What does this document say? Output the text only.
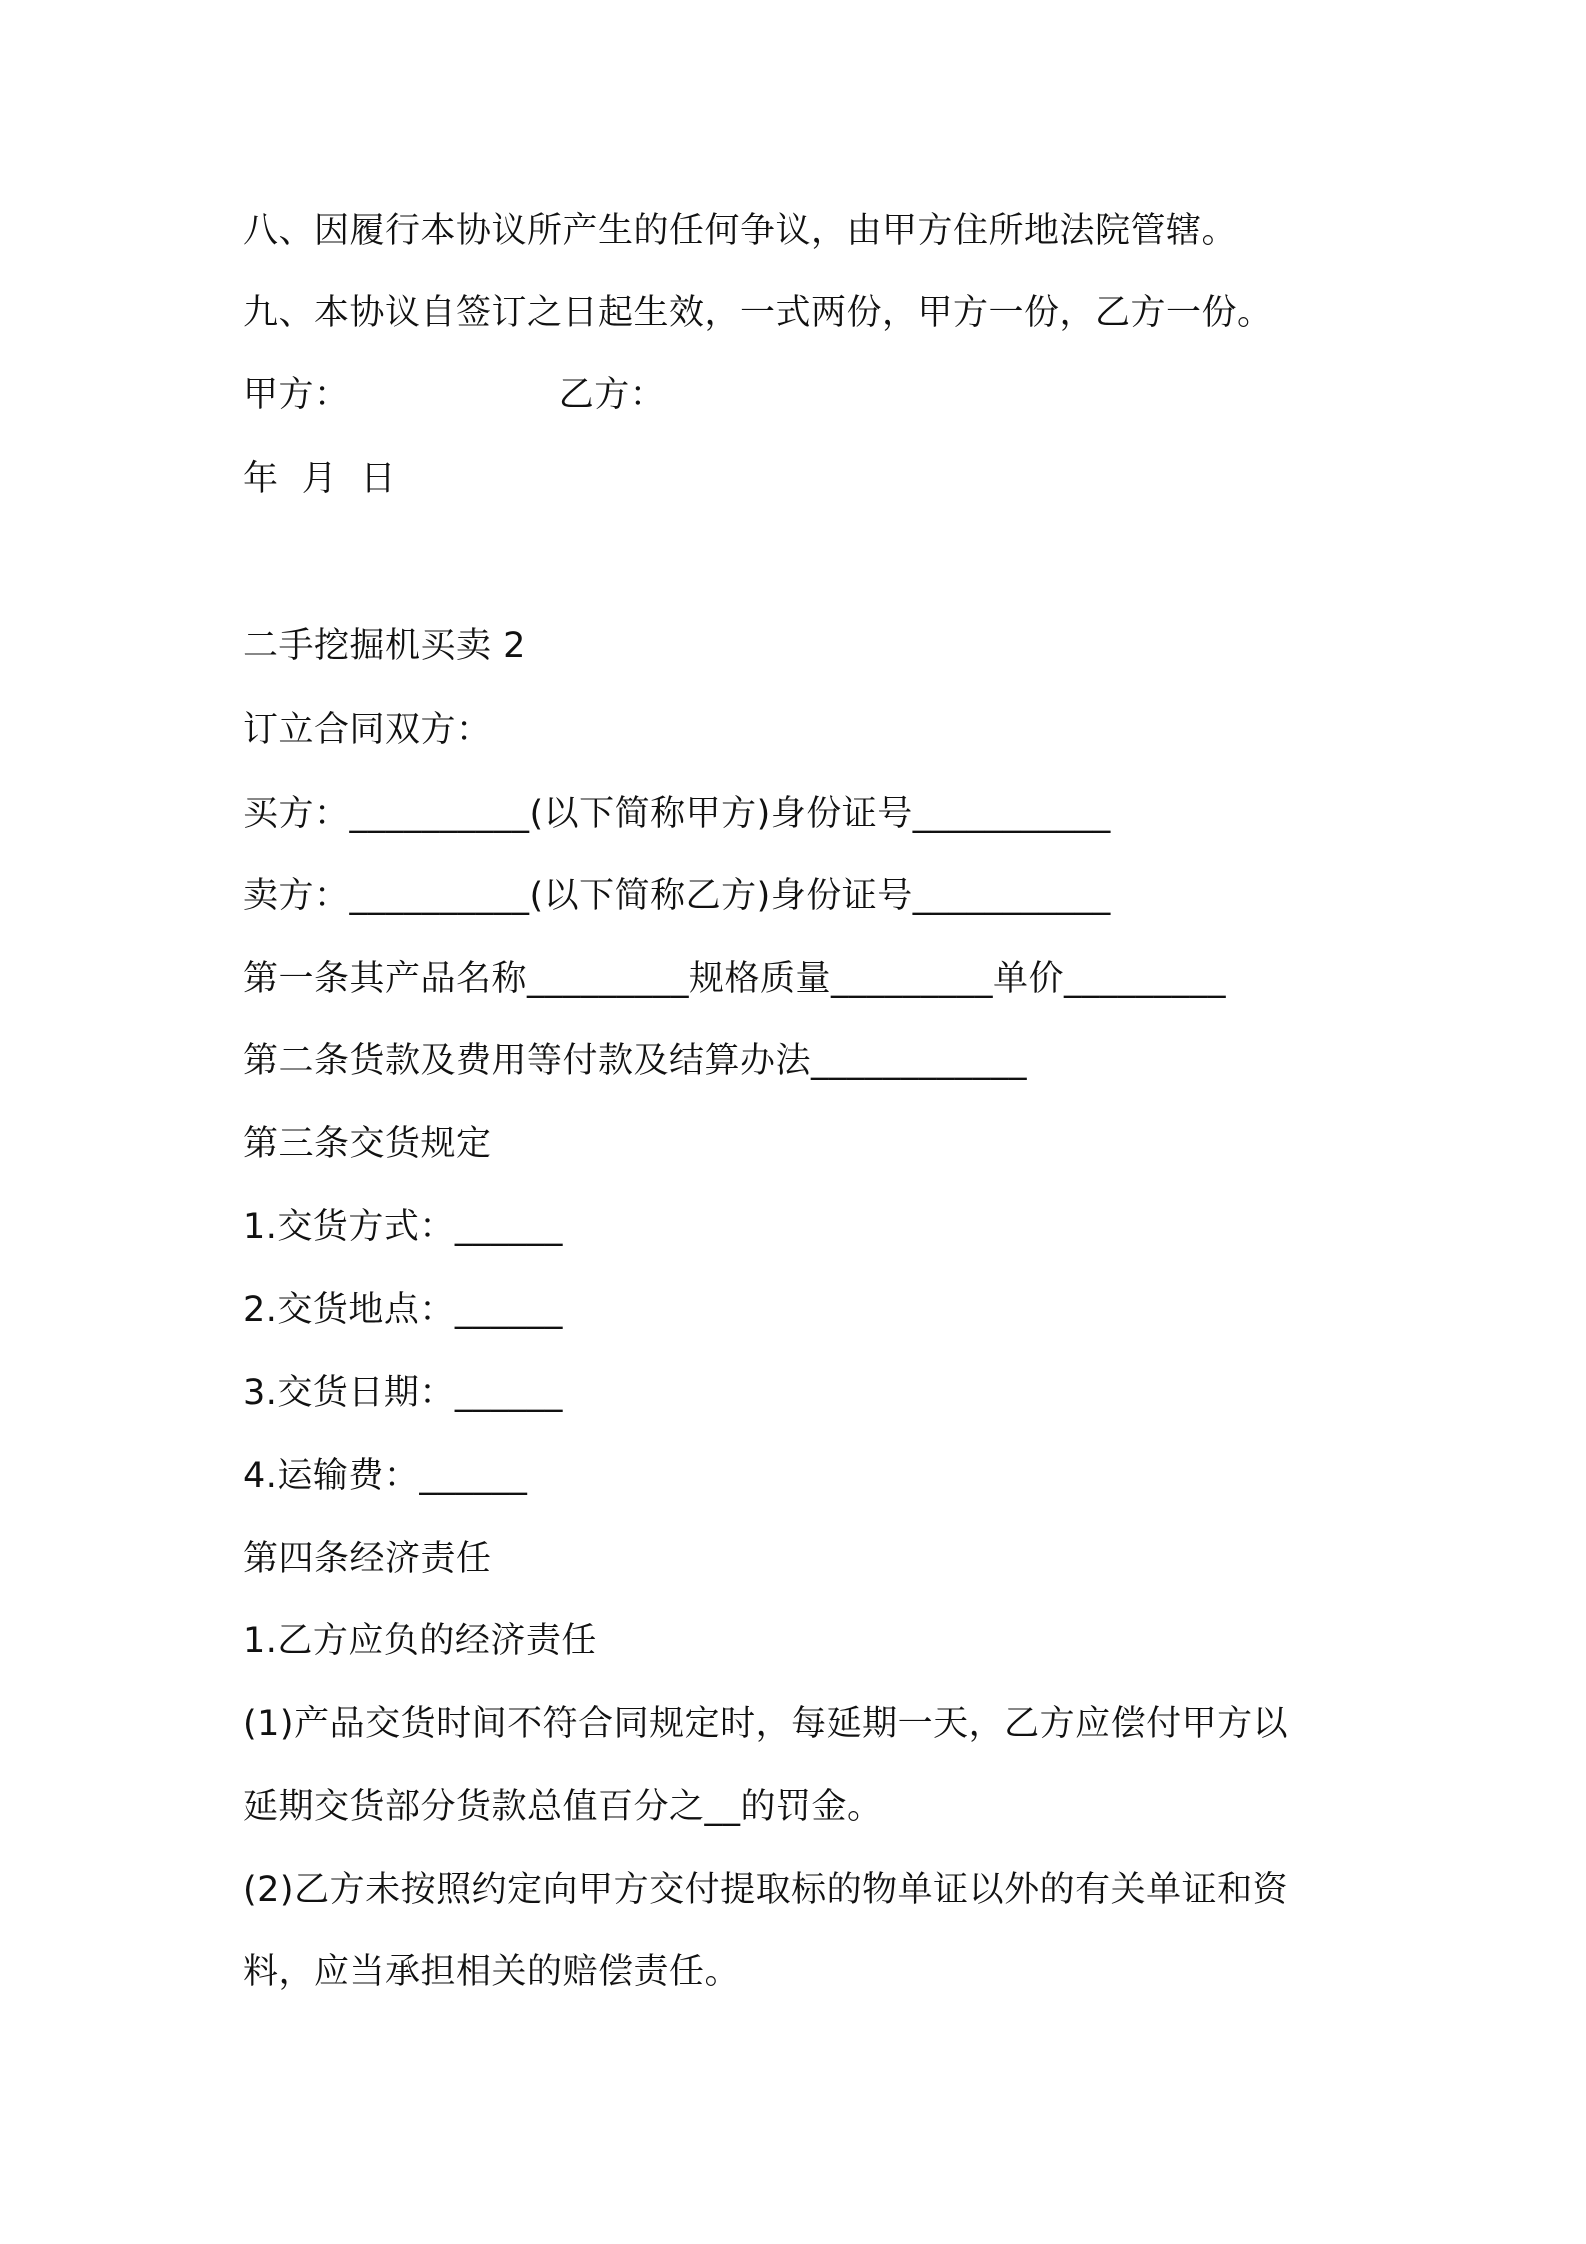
八、因履行本协议所产生的任何争议，由甲方住所地法院管辖。
九、本协议自签订之日起生效，一式两份，甲方一份，乙方一份。
甲方：                  乙方：
年  月  日
二手挖掘机买卖 2
订立合同双方：
买方：__________(以下简称甲方)身份证号___________
卖方：__________(以下简称乙方)身份证号___________
第一条其产品名称_________规格质量_________单价_________
第二条货款及费用等付款及结算办法____________
第三条交货规定
1.交货方式：______
2.交货地点：______
3.交货日期：______
4.运输费：______
第四条经济责任
1.乙方应负的经济责任
(1)产品交货时间不符合同规定时，每延期一天，乙方应偿付甲方以
延期交货部分货款总值百分之__的罚金。
(2)乙方未按照约定向甲方交付提取标的物单证以外的有关单证和资
料，应当承担相关的赔偿责任。
